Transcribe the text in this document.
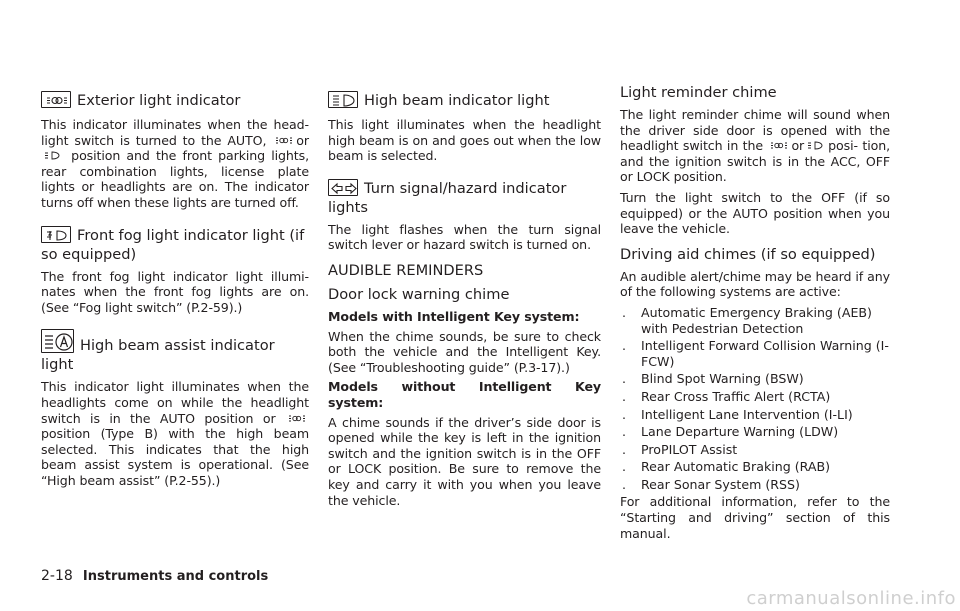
Exterior light indicator

This indicator illuminates when the head-light switch is turned to the AUTO, or  position and the front parking lights, rear combination lights, license plate lights or headlights are on. The indicator turns off when these lights are turned off.

Front fog light indicator light (if so equipped)

The front fog light indicator light illumi-nates when the front fog lights are on. (See “Fog light switch” (P.2-59).)

High beam assist indicator light

This indicator light illuminates when the headlights come on while the headlight switch is in the AUTO position or  position (Type B) with the high beam selected. This indicates that the high beam assist system is operational. (See “High beam assist” (P.2-55).)

High beam indicator light

This light illuminates when the headlight high beam is on and goes out when the low beam is selected.

Turn signal/hazard indicator lights

The light flashes when the turn signal switch lever or hazard switch is turned on.

AUDIBLE REMINDERS
Door lock warning chime

Models with Intelligent Key system:

When the chime sounds, be sure to check both the vehicle and the Intelligent Key. (See “Troubleshooting guide” (P.3-17).)

Models without Intelligent Key system:

A chime sounds if the driver’s side door is opened while the key is left in the ignition switch and the ignition switch is in the OFF or LOCK position. Be sure to remove the key and carry it with you when you leave the vehicle.

Light reminder chime

The light reminder chime will sound when the driver side door is opened with the headlight switch in the or posi- tion, and the ignition switch is in the ACC, OFF or LOCK position.

Turn the light switch to the OFF (if so equipped) or the AUTO position when you leave the vehicle.

Driving aid chimes (if so equipped)

An audible alert/chime may be heard if any of the following systems are active:

. Automatic Emergency Braking (AEB) with Pedestrian Detection
. Intelligent Forward Collision Warning (I-FCW)
. Blind Spot Warning (BSW)
. Rear Cross Traffic Alert (RCTA)
. Intelligent Lane Intervention (I-LI)
. Lane Departure Warning (LDW)
. ProPILOT Assist
. Rear Automatic Braking (RAB)
. Rear Sonar System (RSS)

For additional information, refer to the “Starting and driving” section of this manual.

2-18 Instruments and controls
carmanualsonline.info
